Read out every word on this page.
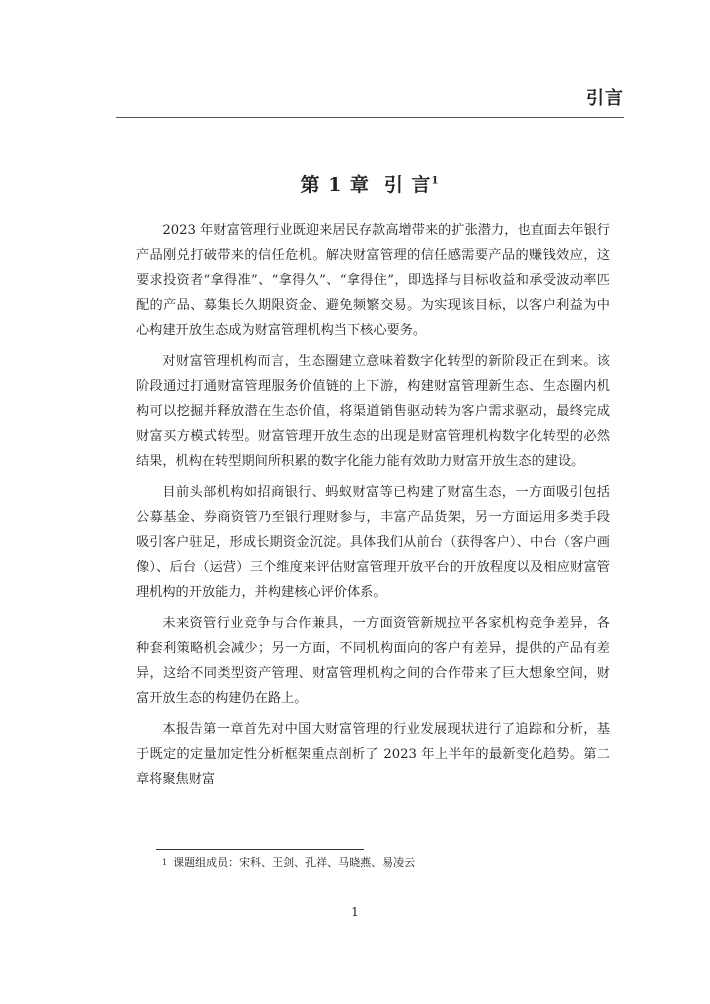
引言
第 1 章 引 言$^1$

2023 年财富管理行业既迎来居民存款高增带来的扩张潜力，也直面去年银行产品刚兑打破带来的信任危机。解决财富管理的信任感需要产品的赚钱效应，这要求投资者“拿得准”、“拿得久”、“拿得住”，即选择与目标收益和承受波动率匹配的产品、募集长久期限资金、避免频繁交易。为实现该目标，以客户利益为中心构建开放生态成为财富管理机构当下核心要务。

对财富管理机构而言，生态圈建立意味着数字化转型的新阶段正在到来。该阶段通过打通财富管理服务价值链的上下游，构建财富管理新生态、生态圈内机构可以挖掘并释放潜在生态价值，将渠道销售驱动转为客户需求驱动，最终完成财富买方模式转型。财富管理开放生态的出现是财富管理机构数字化转型的必然结果，机构在转型期间所积累的数字化能力能有效助力财富开放生态的建设。

目前头部机构如招商银行、蚂蚁财富等已构建了财富生态，一方面吸引包括公募基金、券商资管乃至银行理财参与，丰富产品货架，另一方面运用多类手段吸引客户驻足，形成长期资金沉淀。具体我们从前台（获得客户）、中台（客户画像）、后台（运营）三个维度来评估财富管理开放平台的开放程度以及相应财富管理机构的开放能力，并构建核心评价体系。

未来资管行业竞争与合作兼具，一方面资管新规拉平各家机构竞争差异，各种套利策略机会减少；另一方面，不同机构面向的客户有差异，提供的产品有差异，这给不同类型资产管理、财富管理机构之间的合作带来了巨大想象空间，财富开放生态的构建仍在路上。

本报告第一章首先对中国大财富管理的行业发展现状进行了追踪和分析，基于既定的定量加定性分析框架重点剖析了 2023 年上半年的最新变化趋势。第二章将聚焦财富

$^1$ 课题组成员：宋科、王剑、孔祥、马晓燕、易凌云
1
